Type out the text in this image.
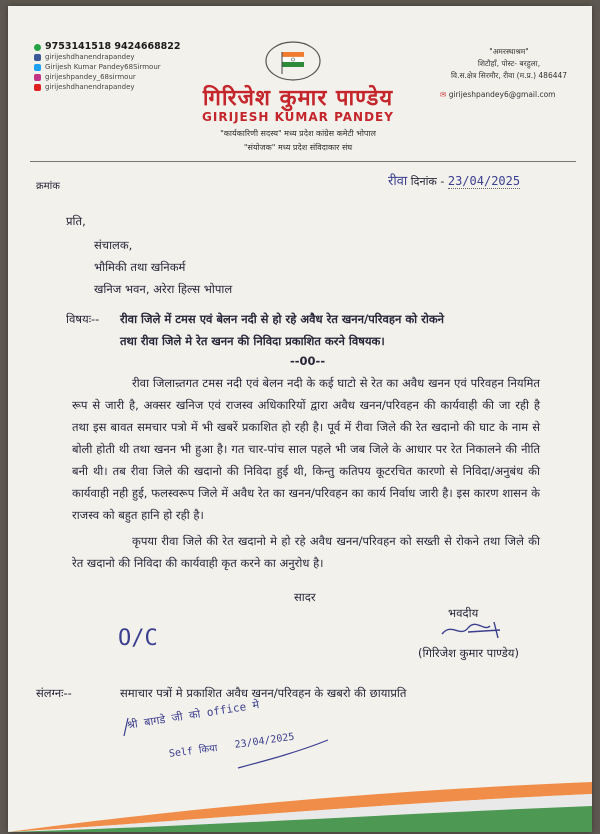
9753141518 9424668822
girijeshdhanendrapandey
Girijesh Kumar Pandey68Sirmour
girijeshpandey_68sirmour
girijeshdhanendrapandey	गिरिजेश कुमार पाण्डेय
GIRIJESH KUMAR PANDEY
"कार्यकारिणी सदस्य" मध्य प्रदेश कांग्रेस कमेटी भोपाल
"संयोजक" मध्य प्रदेश संविदाकार संघ
"अमरस्थाश्रम"
शिटौहाँ, पोस्ट- बरहुला,
वि.स.क्षेत्र सिरमौर, रीवा (म.प्र.) 486447
✉ girijeshpandey6@gmail.com
क्रमांक	रीवा दिनांक - 23/04/2025
प्रति,
संचालक,
भौमिकी तथा खनिकर्म
खनिज भवन, अरेरा हिल्स भोपाल
विषयः-- रीवा जिले में टमस एवं बेलन नदी से हो रहे अवैध रेत खनन/परिवहन को रोकने
तथा रीवा जिले मे रेत खनन की निविदा प्रकाशित करने विषयक।
--00--
रीवा जिलान्र्तगत टमस नदी एवं बेलन नदी के कई घाटो से रेत का अवैध खनन एवं परिवहन नियमित रूप से जारी है, अक्सर खनिज एवं राजस्व अधिकारियों द्वारा अवैध खनन/परिवहन की कार्यवाही की जा रही है तथा इस बावत समचार पत्रो में भी खबरें प्रकाशित हो रही है। पूर्व में रीवा जिले की रेत खदानो की घाट के नाम से बोली होती थी तथा खनन भी हुआ है। गत चार-पांच साल पहले भी जब जिले के आधार पर रेत निकालने की नीति बनी थी। तब रीवा जिले की खदानो की निविदा हुई थी, किन्तु कतिपय कूटरचित कारणो से निविदा/अनुबंध की कार्यवाही नही हुई, फलस्वरूप जिले में अवैध रेत का खनन/परिवहन का कार्य निर्वाध जारी है। इस कारण शासन के राजस्व को बहुत हानि हो रही है।
कृपया रीवा जिले की रेत खदानो मे हो रहे अवैध खनन/परिवहन को सख्ती से रोकने तथा जिले की रेत खदानो की निविदा की कार्यवाही कृत करने का अनुरोध है।
सादर
भवदीय
(गिरिजेश कुमार पाण्डेय)
O/C
संलग्नः--	समाचार पत्रों मे प्रकाशित अवैध खनन/परिवहन के खबरो की छायाप्रति
श्री बागडे जी को office मे
Self किया
23/04/2025
